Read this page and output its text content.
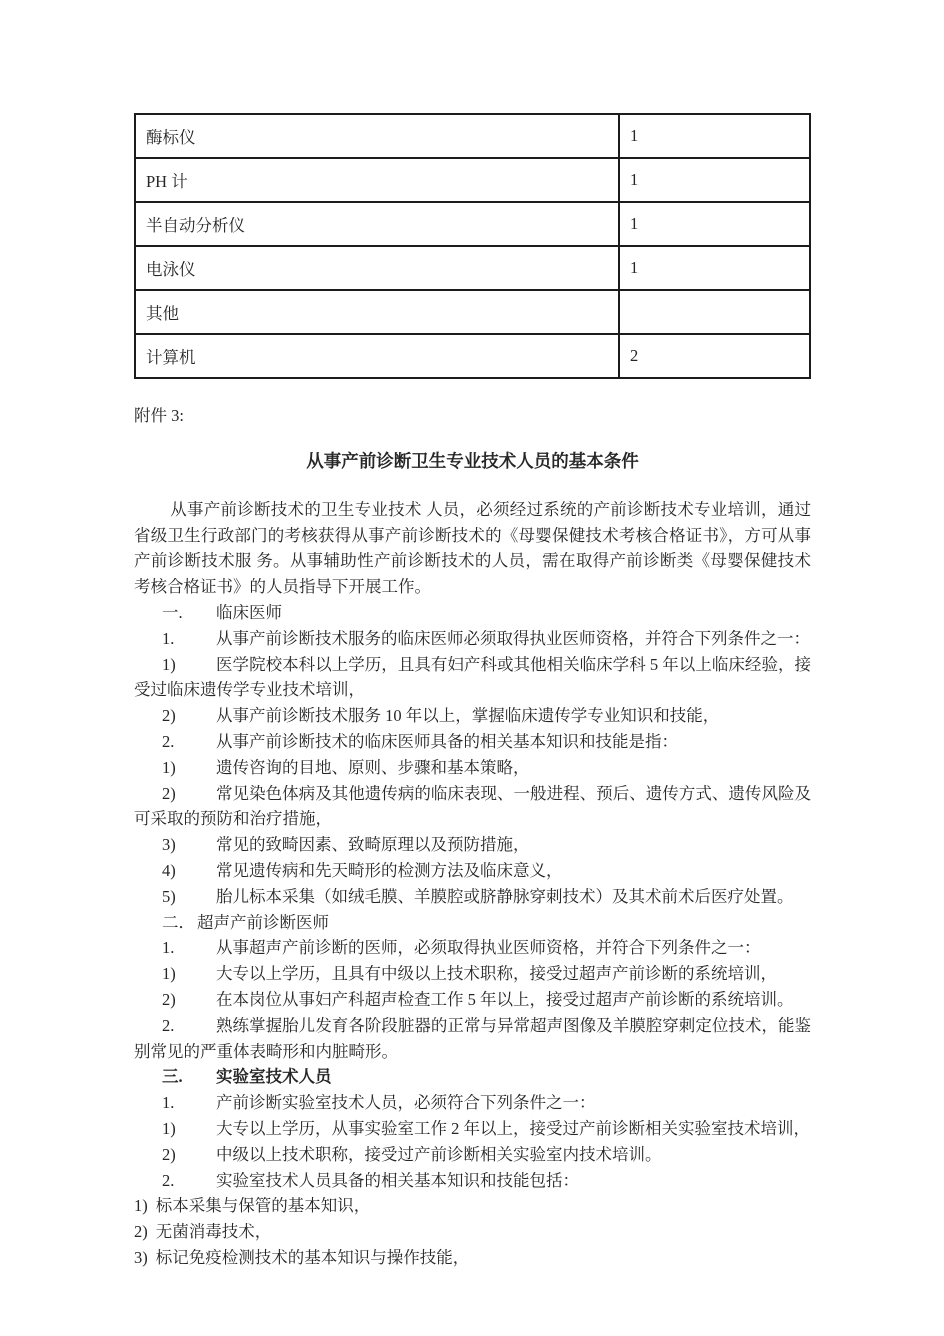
酶标仪	1
PH 计	1
半自动分析仪	1
电泳仪	1
其他	
计算机	2

附件 3:

从事产前诊断卫生专业技术人员的基本条件

从事产前诊断技术的卫生专业技术 人员，必须经过系统的产前诊断技术专业培训，通过省级卫生行政部门的考核获得从事产前诊断技术的《母婴保健技术考核合格证书》，方可从事产前诊断技术服 务。从事辅助性产前诊断技术的人员，需在取得产前诊断类《母婴保健技术考核合格证书》的人员指导下开展工作。

一. 临床医师

1.	从事产前诊断技术服务的临床医师必须取得执业医师资格，并符合下列条件之一：

1) 医学院校本科以上学历，且具有妇产科或其他相关临床学科 5 年以上临床经验，接受过临床遗传学专业技术培训，

2) 从事产前诊断技术服务 10 年以上，掌握临床遗传学专业知识和技能，

2.	从事产前诊断技术的临床医师具备的相关基本知识和技能是指：

1) 遗传咨询的目地、原则、步骤和基本策略，

2) 常见染色体病及其他遗传病的临床表现、一般进程、预后、遗传方式、遗传风险及可采取的预防和治疗措施，

3) 常见的致畸因素、致畸原理以及预防措施，

4) 常见遗传病和先天畸形的检测方法及临床意义，

5) 胎儿标本采集（如绒毛膜、羊膜腔或脐静脉穿刺技术）及其术前术后医疗处置。

二． 超声产前诊断医师

1.	从事超声产前诊断的医师，必须取得执业医师资格，并符合下列条件之一：

1) 大专以上学历，且具有中级以上技术职称，接受过超声产前诊断的系统培训，

2) 在本岗位从事妇产科超声检查工作 5 年以上，接受过超声产前诊断的系统培训。

2.	熟练掌握胎儿发育各阶段脏器的正常与异常超声图像及羊膜腔穿刺定位技术，能鉴别常见的严重体表畸形和内脏畸形。

三. 实验室技术人员

1.	产前诊断实验室技术人员，必须符合下列条件之一：

1) 大专以上学历，从事实验室工作 2 年以上，接受过产前诊断相关实验室技术培训，

2) 中级以上技术职称，接受过产前诊断相关实验室内技术培训。

2.	实验室技术人员具备的相关基本知识和技能包括：

1) 标本采集与保管的基本知识，

2) 无菌消毒技术，

3) 标记免疫检测技术的基本知识与操作技能，
